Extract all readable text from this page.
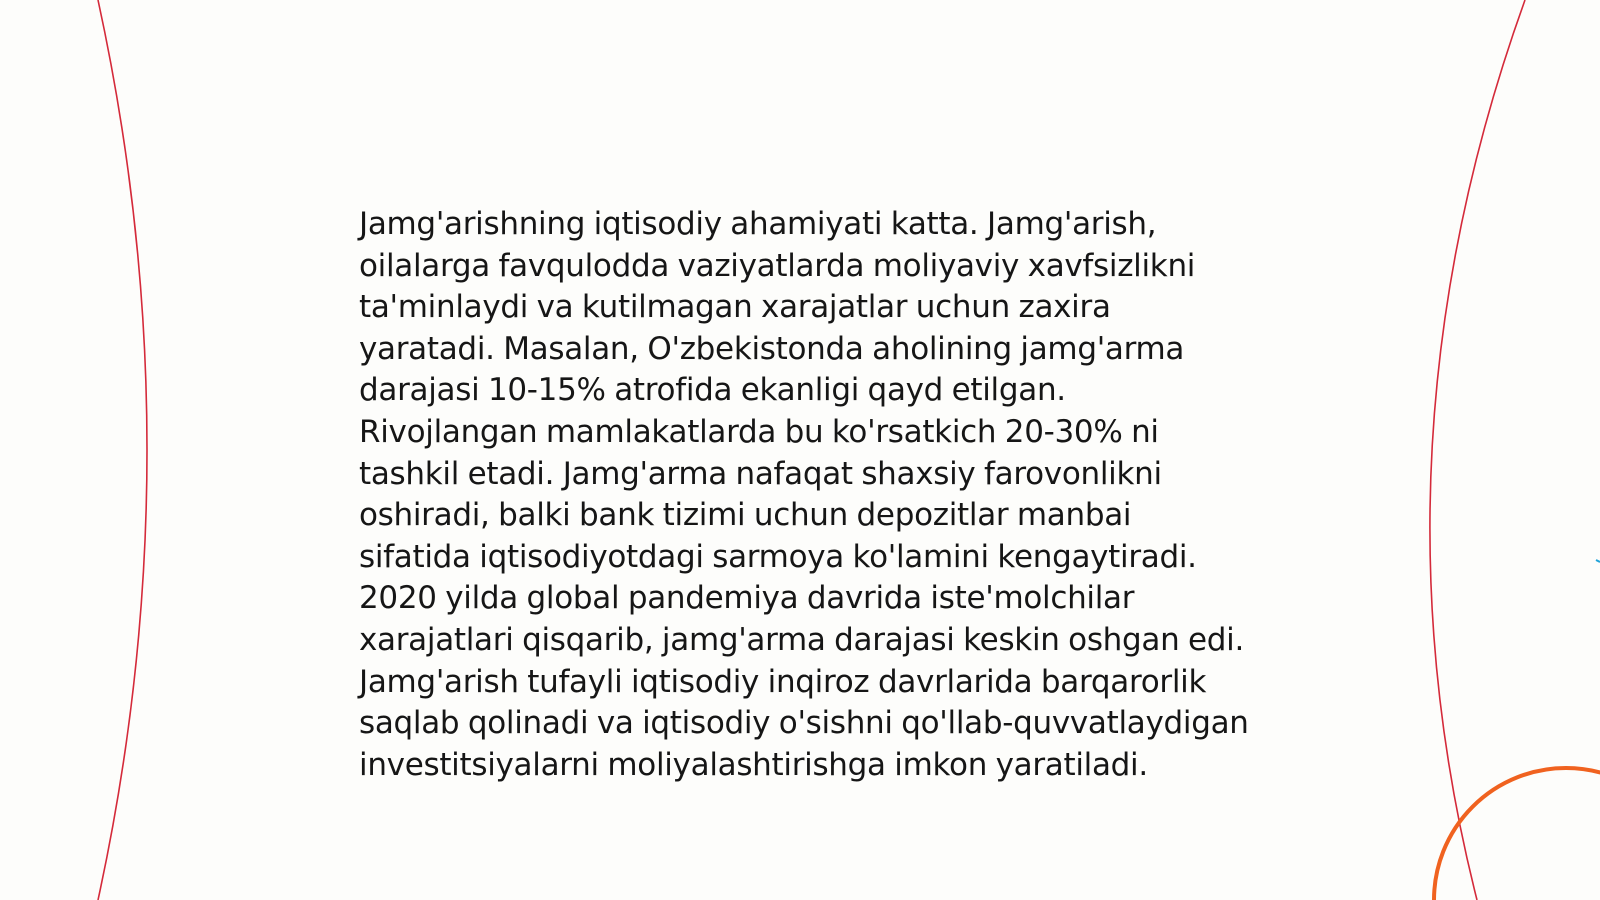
Jamg'arishning iqtisodiy ahamiyati katta. Jamg'arish, oilalarga favqulodda vaziyatlarda moliyaviy xavfsizlikni ta'minlaydi va kutilmagan xarajatlar uchun zaxira yaratadi. Masalan, O'zbekistonda aholining jamg'arma darajasi 10-15% atrofida ekanligi qayd etilgan. Rivojlangan mamlakatlarda bu ko'rsatkich 20-30% ni tashkil etadi. Jamg'arma nafaqat shaxsiy farovonlikni oshiradi, balki bank tizimi uchun depozitlar manbai sifatida iqtisodiyotdagi sarmoya ko'lamini kengaytiradi. 2020 yilda global pandemiya davrida iste'molchilar xarajatlari qisqarib, jamg'arma darajasi keskin oshgan edi. Jamg'arish tufayli iqtisodiy inqiroz davrlarida barqarorlik saqlab qolinadi va iqtisodiy o'sishni qo'llab-quvvatlaydigan investitsiyalarni moliyalashtirishga imkon yaratiladi.
